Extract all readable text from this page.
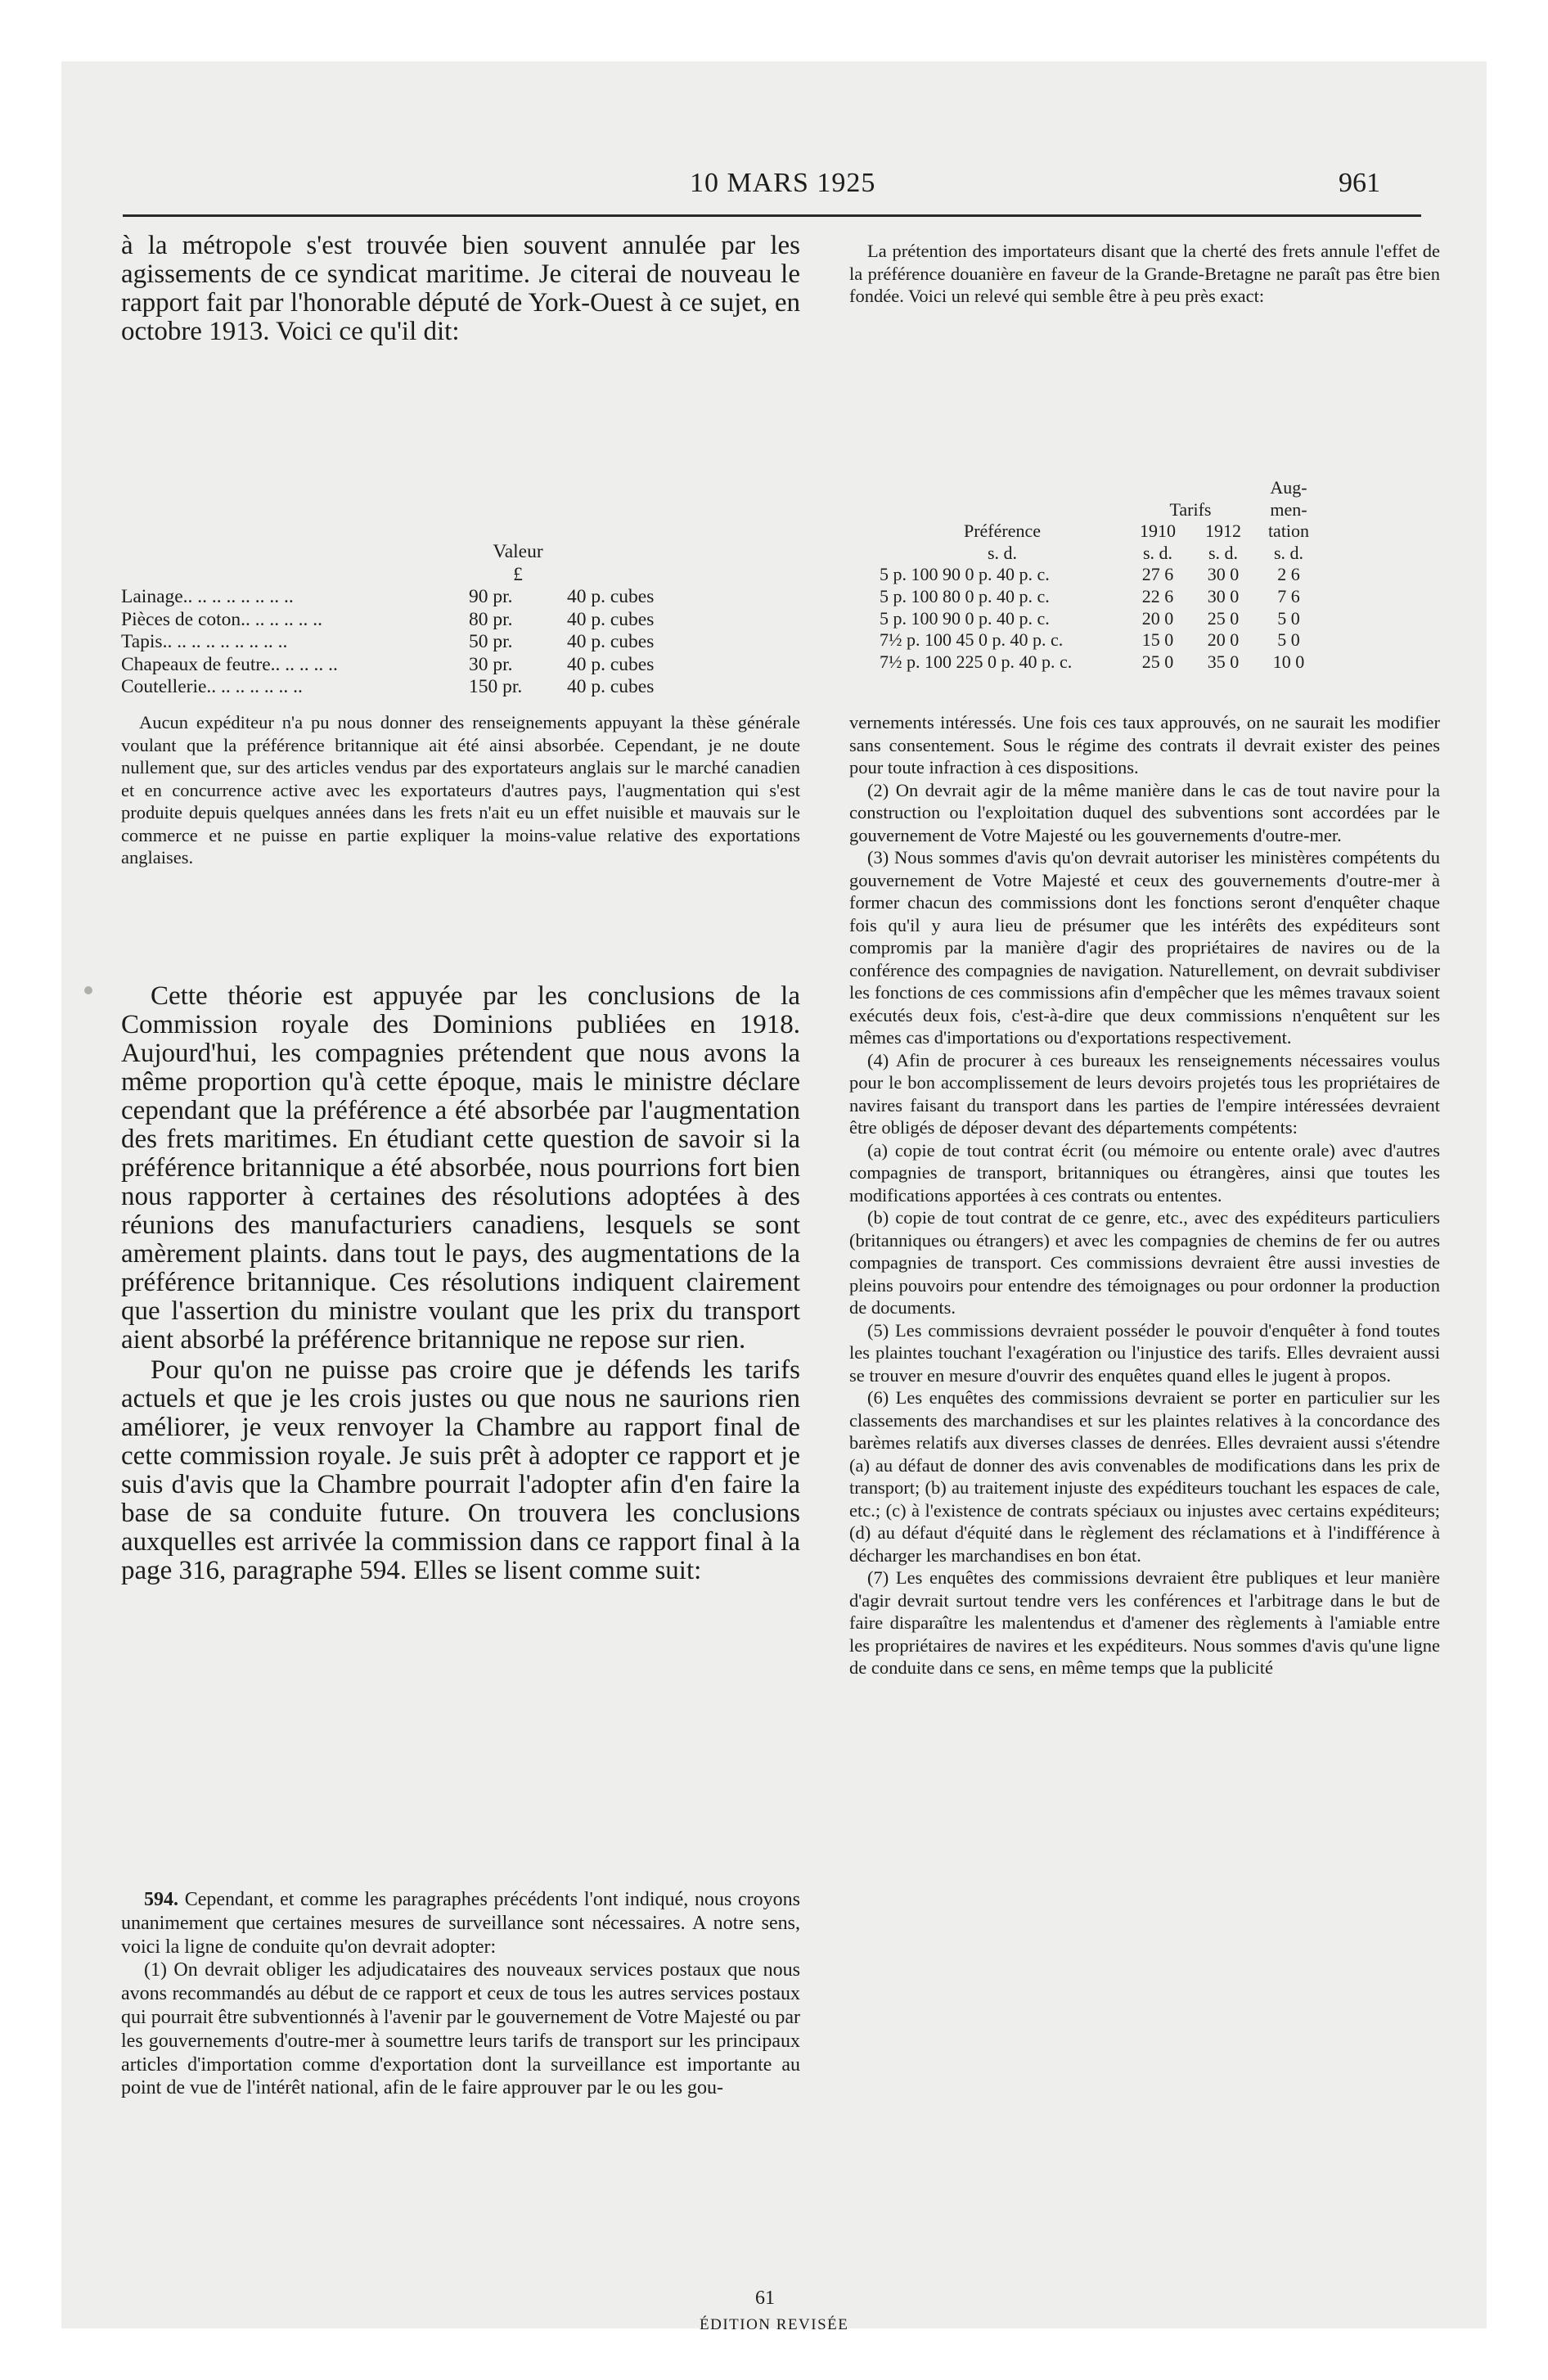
10 MARS 1925	961

à la métropole s'est trouvée bien souvent annulée par les agissements de ce syndicat maritime. Je citerai de nouveau le rapport fait par l'honorable député de York-Ouest à ce sujet, en octobre 1913. Voici ce qu'il dit:

	Valeur	
	£	
Lainage.. .. .. .. .. .. .. ..	90 pr.	40 p. cubes
Pièces de coton.. .. .. .. .. ..	80 pr.	40 p. cubes
Tapis.. .. .. .. .. .. .. .. ..	50 pr.	40 p. cubes
Chapeaux de feutre.. .. .. .. ..	30 pr.	40 p. cubes
Coutellerie.. .. .. .. .. .. ..	150 pr.	40 p. cubes

Aucun expéditeur n'a pu nous donner des renseignements appuyant la thèse générale voulant que la préférence britannique ait été ainsi absorbée. Cependant, je ne doute nullement que, sur des articles vendus par des exportateurs anglais sur le marché canadien et en concurrence active avec les exportateurs d'autres pays, l'augmentation qui s'est produite depuis quelques années dans les frets n'ait eu un effet nuisible et mauvais sur le commerce et ne puisse en partie expliquer la moins-value relative des exportations anglaises.

Cette théorie est appuyée par les conclusions de la Commission royale des Dominions publiées en 1918. Aujourd'hui, les compagnies prétendent que nous avons la même proportion qu'à cette époque, mais le ministre déclare cependant que la préférence a été absorbée par l'augmentation des frets maritimes. En étudiant cette question de savoir si la préférence britannique a été absorbée, nous pourrions fort bien nous rapporter à certaines des résolutions adoptées à des réunions des manufacturiers canadiens, lesquels se sont amèrement plaints. dans tout le pays, des augmentations de la préférence britannique. Ces résolutions indiquent clairement que l'assertion du ministre voulant que les prix du transport aient absorbé la préférence britannique ne repose sur rien.

Pour qu'on ne puisse pas croire que je défends les tarifs actuels et que je les crois justes ou que nous ne saurions rien améliorer, je veux renvoyer la Chambre au rapport final de cette commission royale. Je suis prêt à adopter ce rapport et je suis d'avis que la Chambre pourrait l'adopter afin d'en faire la base de sa conduite future. On trouvera les conclusions auxquelles est arrivée la commission dans ce rapport final à la page 316, paragraphe 594. Elles se lisent comme suit:

594. Cependant, et comme les paragraphes précédents l'ont indiqué, nous croyons unanimement que certaines mesures de surveillance sont nécessaires. A notre sens, voici la ligne de conduite qu'on devrait adopter:

(1) On devrait obliger les adjudicataires des nouveaux services postaux que nous avons recommandés au début de ce rapport et ceux de tous les autres services postaux qui pourrait être subventionnés à l'avenir par le gouvernement de Votre Majesté ou par les gouvernements d'outre-mer à soumettre leurs tarifs de transport sur les principaux articles d'importation comme d'exportation dont la surveillance est importante au point de vue de l'intérêt national, afin de le faire approuver par le ou les gou-

La prétention des importateurs disant que la cherté des frets annule l'effet de la préférence douanière en faveur de la Grande-Bretagne ne paraît pas être bien fondée. Voici un relevé qui semble être à peu près exact:

			Aug-
	Tarifs		men-
Préférence	1910	1912	tation
s. d.	s. d.	s. d.	s. d.
5 p. 100 90 0 p. 40 p. c.	27 6	30 0	2 6
5 p. 100 80 0 p. 40 p. c.	22 6	30 0	7 6
5 p. 100 90 0 p. 40 p. c.	20 0	25 0	5 0
7½ p. 100 45 0 p. 40 p. c.	15 0	20 0	5 0
7½ p. 100 225 0 p. 40 p. c.	25 0	35 0	10 0

vernements intéressés. Une fois ces taux approuvés, on ne saurait les modifier sans consentement. Sous le régime des contrats il devrait exister des peines pour toute infraction à ces dispositions.

(2) On devrait agir de la même manière dans le cas de tout navire pour la construction ou l'exploitation duquel des subventions sont accordées par le gouvernement de Votre Majesté ou les gouvernements d'outre-mer.

(3) Nous sommes d'avis qu'on devrait autoriser les ministères compétents du gouvernement de Votre Majesté et ceux des gouvernements d'outre-mer à former chacun des commissions dont les fonctions seront d'enquêter chaque fois qu'il y aura lieu de présumer que les intérêts des expéditeurs sont compromis par la manière d'agir des propriétaires de navires ou de la conférence des compagnies de navigation. Naturellement, on devrait subdiviser les fonctions de ces commissions afin d'empêcher que les mêmes travaux soient exécutés deux fois, c'est-à-dire que deux commissions n'enquêtent sur les mêmes cas d'importations ou d'exportations respectivement.

(4) Afin de procurer à ces bureaux les renseignements nécessaires voulus pour le bon accomplissement de leurs devoirs projetés tous les propriétaires de navires faisant du transport dans les parties de l'empire intéressées devraient être obligés de déposer devant des départements compétents:

(a) copie de tout contrat écrit (ou mémoire ou entente orale) avec d'autres compagnies de transport, britanniques ou étrangères, ainsi que toutes les modifications apportées à ces contrats ou ententes.

(b) copie de tout contrat de ce genre, etc., avec des expéditeurs particuliers (britanniques ou étrangers) et avec les compagnies de chemins de fer ou autres compagnies de transport. Ces commissions devraient être aussi investies de pleins pouvoirs pour entendre des témoignages ou pour ordonner la production de documents.

(5) Les commissions devraient posséder le pouvoir d'enquêter à fond toutes les plaintes touchant l'exagération ou l'injustice des tarifs. Elles devraient aussi se trouver en mesure d'ouvrir des enquêtes quand elles le jugent à propos.

(6) Les enquêtes des commissions devraient se porter en particulier sur les classements des marchandises et sur les plaintes relatives à la concordance des barèmes relatifs aux diverses classes de denrées. Elles devraient aussi s'étendre (a) au défaut de donner des avis convenables de modifications dans les prix de transport; (b) au traitement injuste des expéditeurs touchant les espaces de cale, etc.; (c) à l'existence de contrats spéciaux ou injustes avec certains expéditeurs; (d) au défaut d'équité dans le règlement des réclamations et à l'indifférence à décharger les marchandises en bon état.

(7) Les enquêtes des commissions devraient être publiques et leur manière d'agir devrait surtout tendre vers les conférences et l'arbitrage dans le but de faire disparaître les malentendus et d'amener des règlements à l'amiable entre les propriétaires de navires et les expéditeurs. Nous sommes d'avis qu'une ligne de conduite dans ce sens, en même temps que la publicité

61
ÉDITION REVISÉE
